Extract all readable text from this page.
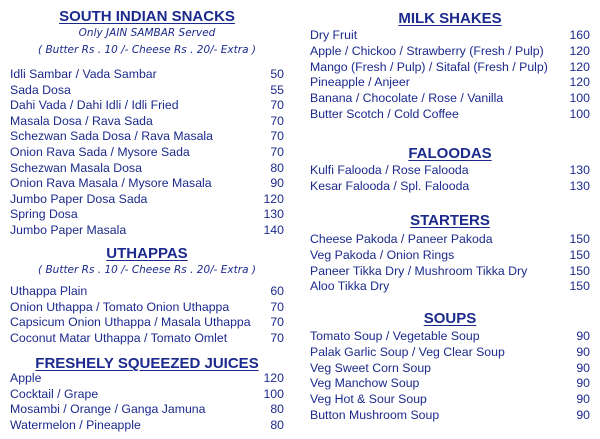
SOUTH INDIAN SNACKS
Only JAIN SAMBAR Served
( Butter Rs . 10 /- Cheese Rs . 20/- Extra )
Idli Sambar / Vada Sambar	50
Sada Dosa	55
Dahi Vada / Dahi Idli / Idli Fried	70
Masala Dosa / Rava Sada	70
Schezwan Sada Dosa / Rava Masala	70
Onion Rava Sada / Mysore Sada	70
Schezwan Masala Dosa	80
Onion Rava Masala / Mysore Masala	90
Jumbo Paper Dosa Sada	120
Spring Dosa	130
Jumbo Paper Masala	140
UTHAPPAS
( Butter Rs . 10 /- Cheese Rs . 20/- Extra )
Uthappa Plain	60
Onion Uthappa / Tomato Onion Uthappa	70
Capsicum Onion Uthappa / Masala Uthappa 70
Coconut Matar Uthappa / Tomato Omlet	70
FRESHELY SQUEEZED JUICES
Apple	120
Cocktail / Grape	100
Mosambi / Orange / Ganga Jamuna	80
Watermelon / Pineapple	80
MILK SHAKES
Dry Fruit	160
Apple / Chickoo / Strawberry (Fresh / Pulp) 120
Mango (Fresh / Pulp) / Sitafal (Fresh / Pulp) 120
Pineapple / Anjeer	120
Banana / Chocolate / Rose / Vanilla	100
Butter Scotch / Cold Coffee	100
FALOODAS
Kulfi Falooda / Rose Falooda	130
Kesar Falooda / Spl. Falooda	130
STARTERS
Cheese Pakoda / Paneer Pakoda	150
Veg Pakoda / Onion Rings	150
Paneer Tikka Dry / Mushroom Tikka Dry	150
Aloo Tikka Dry	150
SOUPS
Tomato Soup / Vegetable Soup	90
Palak Garlic Soup / Veg Clear Soup	90
Veg Sweet Corn Soup	90
Veg Manchow Soup	90
Veg Hot & Sour Soup	90
Button Mushroom Soup	90
